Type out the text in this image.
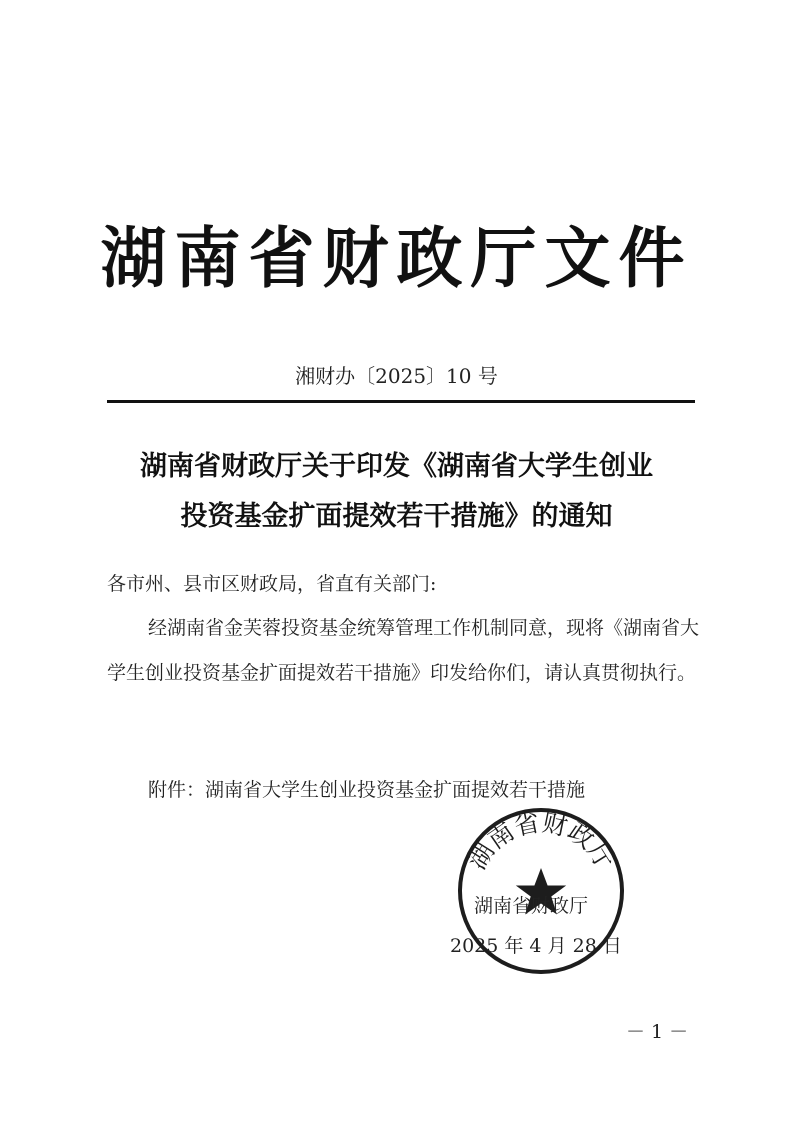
湖南省财政厅文件
湘财办〔2025〕10 号
湖南省财政厅关于印发《湖南省大学生创业
投资基金扩面提效若干措施》的通知
各市州、县市区财政局，省直有关部门:
经湖南省金芙蓉投资基金统筹管理工作机制同意，现将《湖南省大学生创业投资基金扩面提效若干措施》印发给你们，请认真贯彻执行。
附件：湖南省大学生创业投资基金扩面提效若干措施
湖南省财政厅
湖南省财政厅
2025 年 4 月 28 日
－ 1 －
